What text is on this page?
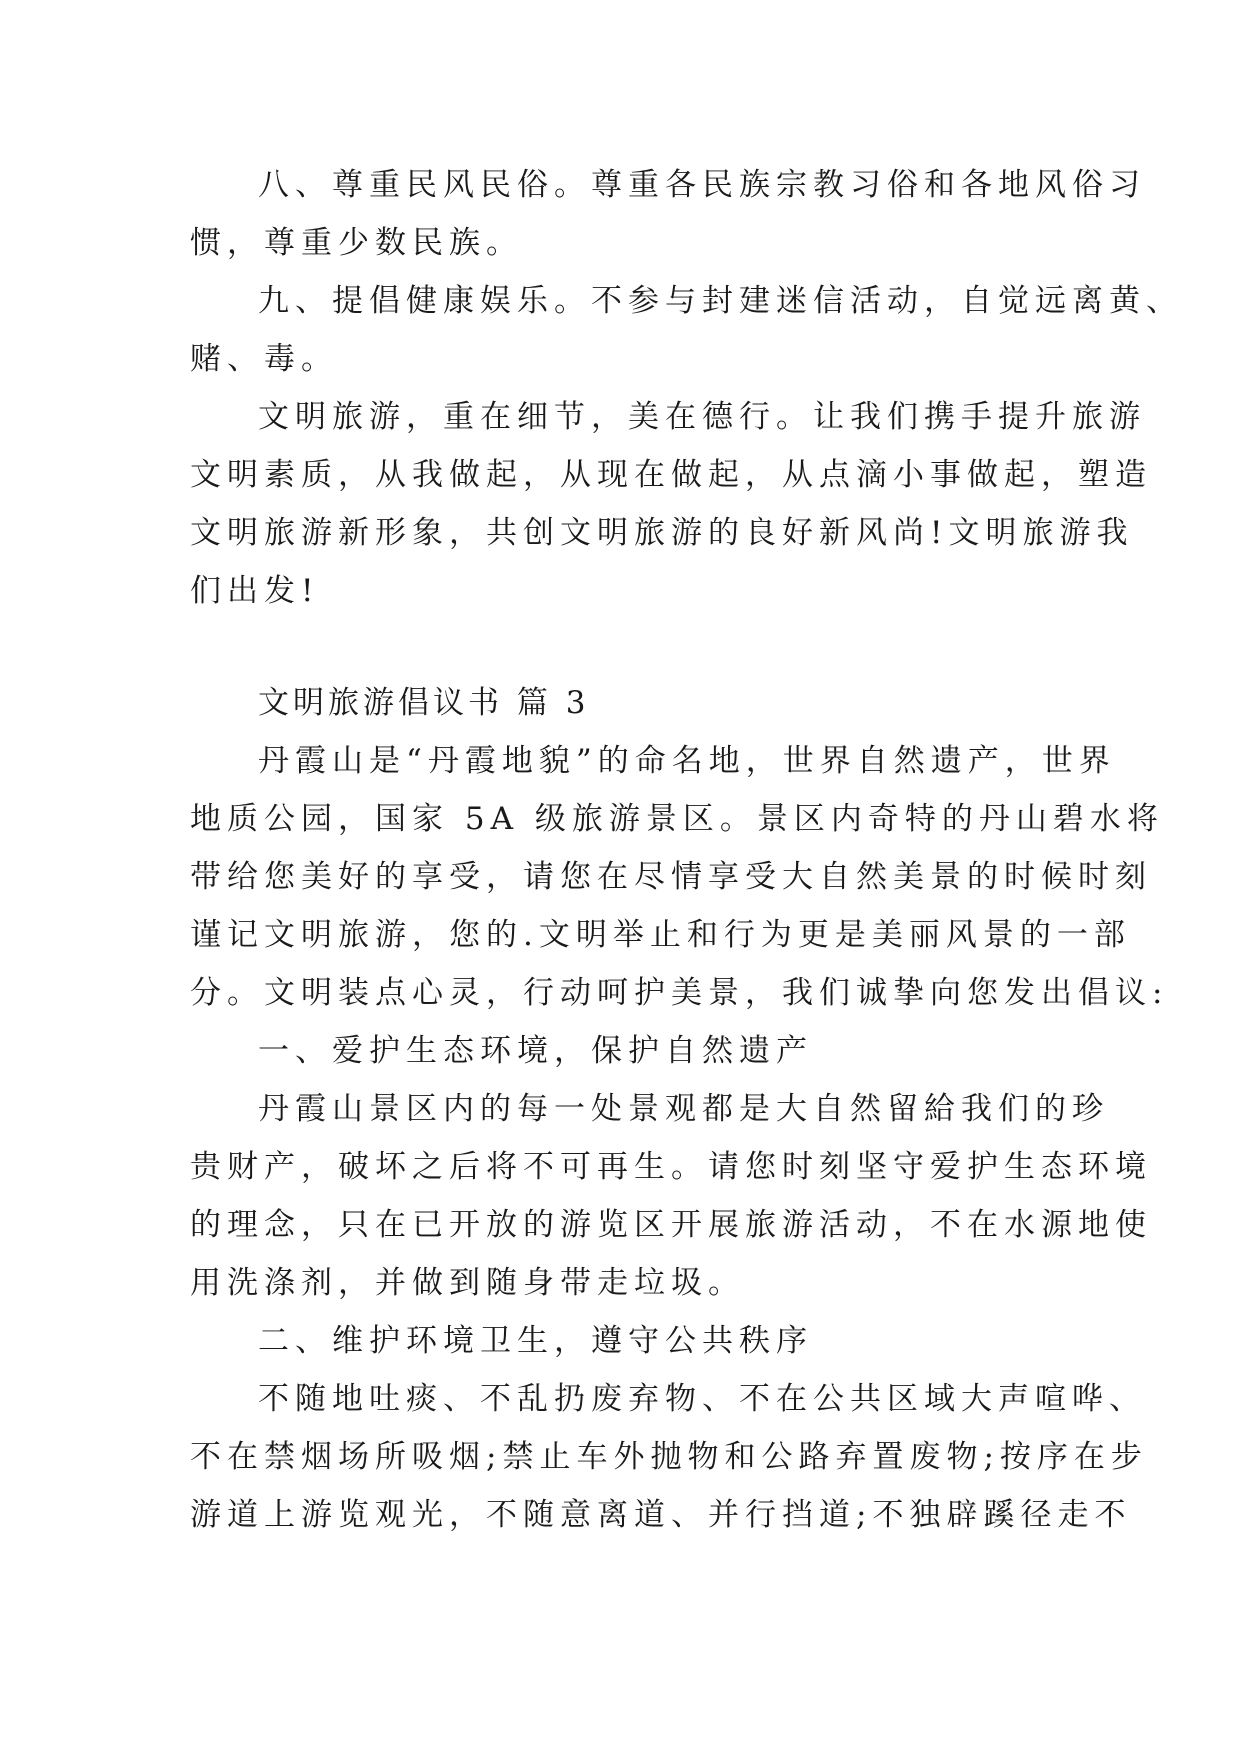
八、尊重民风民俗。尊重各民族宗教习俗和各地风俗习
惯，尊重少数民族。
九、提倡健康娱乐。不参与封建迷信活动，自觉远离黄、
赌、毒。
文明旅游，重在细节，美在德行。让我们携手提升旅游
文明素质，从我做起，从现在做起，从点滴小事做起，塑造
文明旅游新形象，共创文明旅游的良好新风尚!文明旅游我
们出发!
文明旅游倡议书 篇 3
丹霞山是“丹霞地貌”的命名地，世界自然遗产，世界
地质公园，国家 5A 级旅游景区。景区内奇特的丹山碧水将
带给您美好的享受，请您在尽情享受大自然美景的时候时刻
谨记文明旅游，您的.文明举止和行为更是美丽风景的一部
分。文明装点心灵，行动呵护美景，我们诚挚向您发出倡议:
一、爱护生态环境，保护自然遗产
丹霞山景区内的每一处景观都是大自然留給我们的珍
贵财产，破坏之后将不可再生。请您时刻坚守爱护生态环境
的理念，只在已开放的游览区开展旅游活动，不在水源地使
用洗涤剂，并做到随身带走垃圾。
二、维护环境卫生，遵守公共秩序
不随地吐痰、不乱扔废弃物、不在公共区域大声喧哗、
不在禁烟场所吸烟;禁止车外抛物和公路弃置废物;按序在步
游道上游览观光，不随意离道、并行挡道;不独辟蹊径走不
